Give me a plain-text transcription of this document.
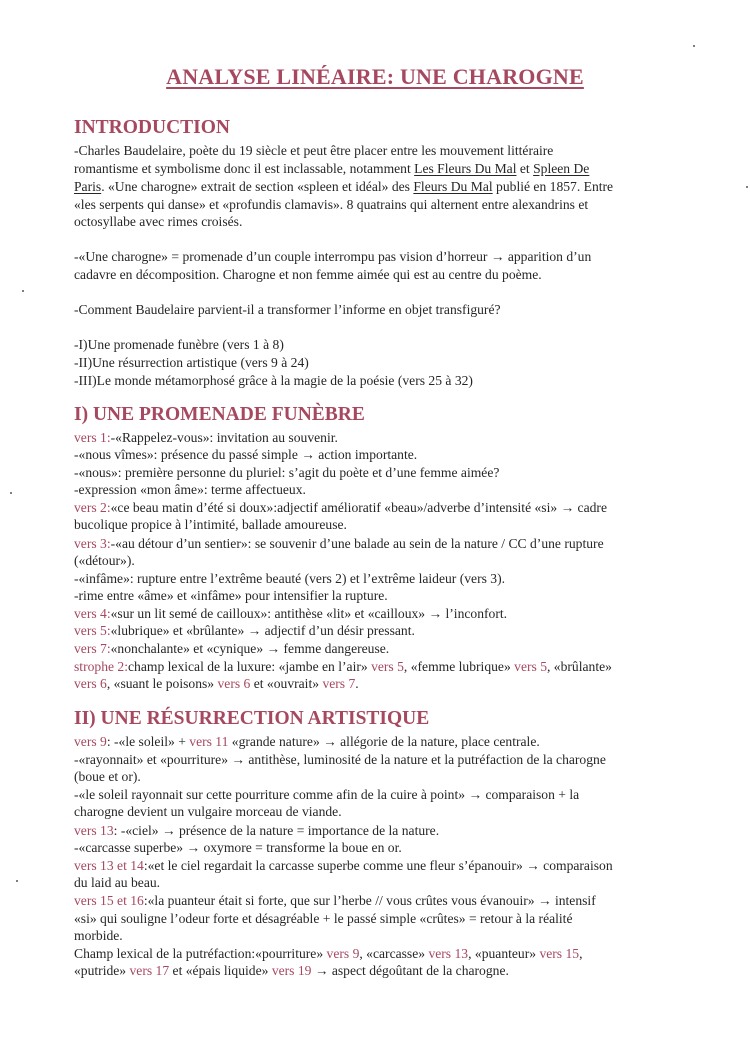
ANALYSE LINÉAIRE: UNE CHAROGNE
INTRODUCTION
-Charles Baudelaire, poète du 19 siècle et peut être placer entre les mouvement littéraire
romantisme et symbolisme donc il est inclassable, notamment Les Fleurs Du Mal et Spleen De
Paris. «Une charogne» extrait de section «spleen et idéal» des Fleurs Du Mal publié en 1857. Entre
«les serpents qui danse» et «profundis clamavis». 8 quatrains qui alternent entre alexandrins et
octosyllabe avec rimes croisés.
-«Une charogne» = promenade d’un couple interrompu pas vision d’horreur → apparition d’un
cadavre en décomposition. Charogne et non femme aimée qui est au centre du poème.
-Comment Baudelaire parvient-il a transformer l’informe en objet transfiguré?
-I)Une promenade funèbre (vers 1 à 8)
-II)Une résurrection artistique (vers 9 à 24)
-III)Le monde métamorphosé grâce à la magie de la poésie (vers 25 à 32)
I) UNE PROMENADE FUNÈBRE
vers 1:-«Rappelez-vous»: invitation au souvenir.
-«nous vîmes»: présence du passé simple → action importante.
-«nous»: première personne du pluriel: s’agit du poète et d’une femme aimée?
-expression «mon âme»: terme affectueux.
vers 2:«ce beau matin d’été si doux»:adjectif amélioratif «beau»/adverbe d’intensité «si» → cadre
bucolique propice à l’intimité, ballade amoureuse.
vers 3:-«au détour d’un sentier»: se souvenir d’une balade au sein de la nature / CC d’une rupture
(«détour»).
-«infâme»: rupture entre l’extrême beauté (vers 2) et l’extrême laideur (vers 3).
-rime entre «âme» et «infâme» pour intensifier la rupture.
vers 4:«sur un lit semé de cailloux»: antithèse «lit» et «cailloux» → l’inconfort.
vers 5:«lubrique» et «brûlante» → adjectif d’un désir pressant.
vers 7:«nonchalante» et «cynique» → femme dangereuse.
strophe 2:champ lexical de la luxure: «jambe en l’air» vers 5, «femme lubrique» vers 5, «brûlante»
vers 6, «suant le poisons» vers 6 et «ouvrait» vers 7.
II) UNE RÉSURRECTION ARTISTIQUE
vers 9: -«le soleil» + vers 11 «grande nature» → allégorie de la nature, place centrale.
-«rayonnait» et «pourriture» → antithèse, luminosité de la nature et la putréfaction de la charogne
(boue et or).
-«le soleil rayonnait sur cette pourriture comme afin de la cuire à point» → comparaison + la
charogne devient un vulgaire morceau de viande.
vers 13: -«ciel» → présence de la nature = importance de la nature.
-«carcasse superbe» → oxymore = transforme la boue en or.
vers 13 et 14:«et le ciel regardait la carcasse superbe comme une fleur s’épanouir» → comparaison
du laid au beau.
vers 15 et 16:«la puanteur était si forte, que sur l’herbe // vous crûtes vous évanouir» → intensif
«si» qui souligne l’odeur forte et désagréable + le passé simple «crûtes» = retour à la réalité
morbide.
Champ lexical de la putréfaction:«pourriture» vers 9, «carcasse» vers 13, «puanteur» vers 15,
«putride» vers 17 et «épais liquide» vers 19 → aspect dégoûtant de la charogne.
